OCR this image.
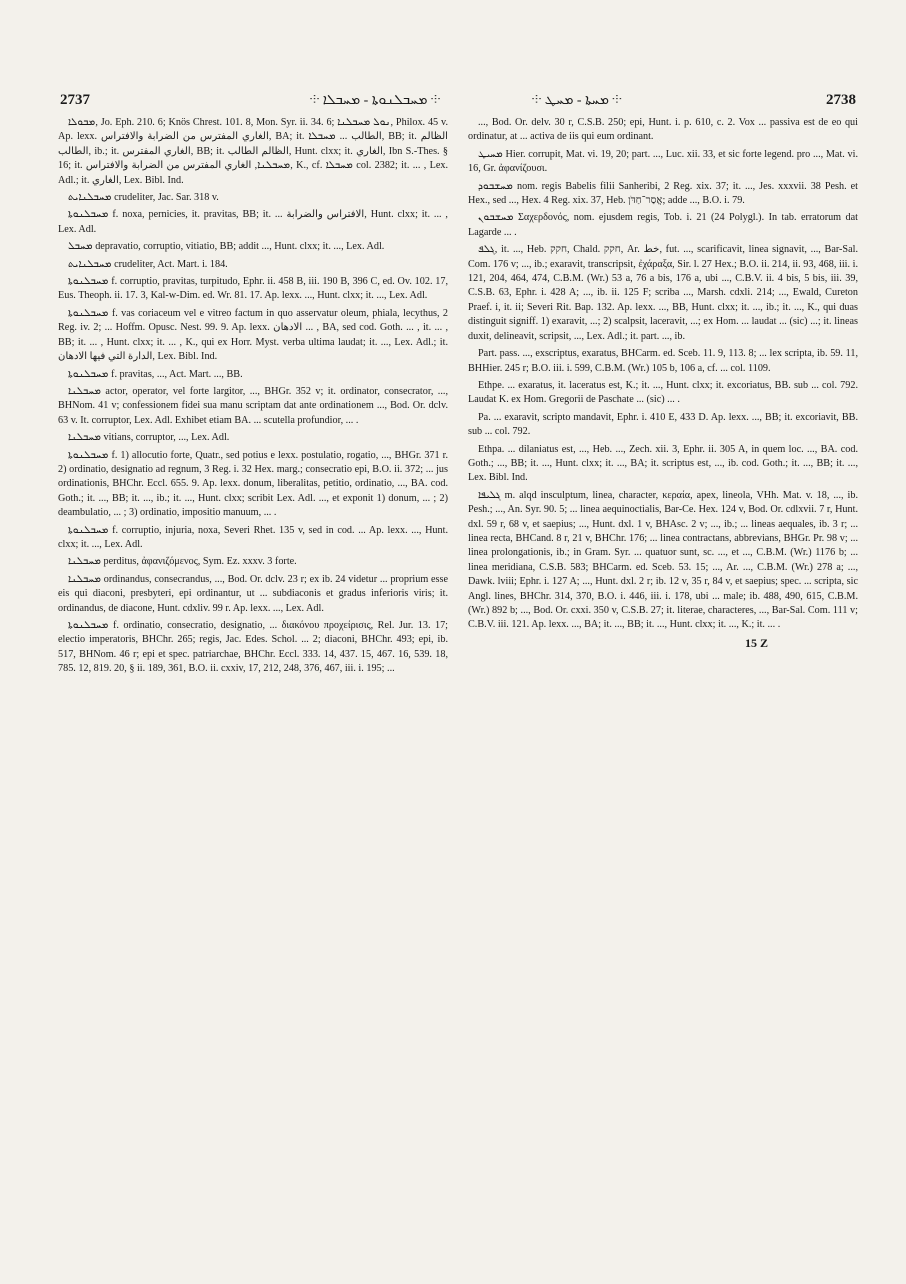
2737	⸭ ܡܚܒܠܢܘܬܐ - ܡܚܒܠܐ ⸭	⸭ ܡܚܬܐ - ܡܚܛ ⸭	2738

ܡܒܘܠܐ, Jo. Eph. 210. 6; Knös Chrest. 101. 8, Mon. Syr. ii. 34. 6; ܢܘܠ ܡܚܒܠܢܐ, Philox. 45 v. Ap. lexx. الغاري المفترس من الضرابة والافتراس, BA; it. الطالب ... ܡܚܒܠܐ, BB; it. الظالم الطالب, ib.; it. الغاري المفترس, BB; it. الظالم الطالب, Hunt. clxx; it. الغاري, Ibn S.-Thes. § 16; it. ܡܚܒܠܢܐ, الغاري المفترس من الضرابة والافتراس, K., cf. ܡܚܒܠܐ col. 2382; it. ... , Lex. Adl.; it. الغاري, Lex. Bibl. Ind.

ܡܚܒܠܢܐܝܬ crudeliter, Jac. Sar. 318 v.

ܡܚܒܠܢܘܬܐ f. noxa, pernicies, it. pravitas, BB; it. ... الافتراس والضرابة, Hunt. clxx; it. ... , Lex. Adl.

ܡܚܒܠ depravatio, corruptio, vitiatio, BB; addit ..., Hunt. clxx; it. ..., Lex. Adl.

ܡܚܒܠܢܐܝܬ crudeliter, Act. Mart. i. 184.

ܡܚܒܠܢܘܬܐ f. corruptio, pravitas, turpitudo, Ephr. ii. 458 B, iii. 190 B, 396 C, ed. Ov. 102. 17, Eus. Theoph. ii. 17. 3, Kal-w-Dim. ed. Wr. 81. 17. Ap. lexx. ..., Hunt. clxx; it. ..., Lex. Adl.

ܡܚܒܠܢܘܬܐ f. vas coriaceum vel e vitreo factum in quo asservatur oleum, phiala, lecythus, 2 Reg. iv. 2; ... Hoffm. Opusc. Nest. 99. 9. Ap. lexx. الادهان ... , BA, sed cod. Goth. ... , it. ... , BB; it. ... , Hunt. clxx; it. ... , K., qui ex Horr. Myst. verba ultima laudat; it. ..., Lex. Adl.; it. الدارة التي فيها الادهان, Lex. Bibl. Ind.

ܡܚܒܠܢܘܬܐ f. pravitas, ..., Act. Mart. ..., BB.

ܡܚܒܠܢܐ actor, operator, vel forte largitor, ..., BHGr. 352 v; it. ordinator, consecrator, ..., BHNom. 41 v; confessionem fidei sua manu scriptam dat ante ordinationem ..., Bod. Or. dclv. 63 v. It. corruptor, Lex. Adl. Exhibet etiam BA. ... scutella profundior, ... .

ܡܚܒܠܢܐ vitians, corruptor, ..., Lex. Adl.

ܡܚܒܠܢܘܬܐ f. 1) allocutio forte, Quatr., sed potius e lexx. postulatio, rogatio, ..., BHGr. 371 r. 2) ordinatio, designatio ad regnum, 3 Reg. i. 32 Hex. marg.; consecratio epi, B.O. ii. 372; ... jus ordinationis, BHChr. Eccl. 655. 9. Ap. lexx. donum, liberalitas, petitio, ordinatio, ..., BA. cod. Goth.; it. ..., BB; it. ..., ib.; it. ..., Hunt. clxx; scribit Lex. Adl. ..., et exponit 1) donum, ... ; 2) deambulatio, ... ; 3) ordinatio, impositio manuum, ... .

ܡܚܒܠܢܘܬܐ f. corruptio, injuria, noxa, Severi Rhet. 135 v, sed in cod. ... Ap. lexx. ..., Hunt. clxx; it. ..., Lex. Adl.

ܡܚܒܠܢܐ perditus, ἀφανιζόμενος, Sym. Ez. xxxv. 3 forte.

ܡܚܒܠܢܐ ordinandus, consecrandus, ..., Bod. Or. dclv. 23 r; ex ib. 24 videtur ... proprium esse eis qui diaconi, presbyteri, epi ordinantur, ut ... subdiaconis et gradus inferioris viris; it. ordinandus, de diacone, Hunt. cdxliv. 99 r. Ap. lexx. ..., Lex. Adl.

ܡܚܒܠܢܘܬܐ f. ordinatio, consecratio, designatio, ... διακόνου προχείρισις, Rel. Jur. 13. 17; electio imperatoris, BHChr. 265; regis, Jac. Edes. Schol. ... 2; diaconi, BHChr. 493; epi, ib. 517, BHNom. 46 r; epi et spec. patriarchae, BHChr. Eccl. 333. 14, 437. 15, 467. 16, 539. 18, 785. 12, 819. 20, § ii. 189, 361, B.O. ii. cxxiv, 17, 212, 248, 376, 467, iii. i. 195; ...

..., Bod. Or. delv. 30 r, C.S.B. 250; epi, Hunt. i. p. 610, c. 2. Vox ... passiva est de eo qui ordinatur, at ... activa de iis qui eum ordinant.

ܡܚܝܛ Hier. corrupit, Mat. vi. 19, 20; part. ..., Luc. xii. 33, et sic forte legend. pro ..., Mat. vi. 16, Gr. ἀφανίζουσι.

ܡܚܫܒܘܕ nom. regis Babelis filii Sanheribi, 2 Reg. xix. 37; it. ..., Jes. xxxvii. 38 Pesh. et Hex., sed ..., Hex. 4 Reg. xix. 37, Heb. אֲסַר־חַדֹּן; adde ..., B.O. i. 79.

ܡܚܫܒܘܢ Σαχερδονός, nom. ejusdem regis, Tob. i. 21 (24 Polygl.). In tab. erratorum dat Lagarde ... .

ܓܠܦ, it. ..., Heb. חקק, Chald. חקק, Ar. خط, fut. ..., scarificavit, linea signavit, ..., Bar-Sal. Com. 176 v; ..., ib.; exaravit, transcripsit, ἐχάραξα, Sir. l. 27 Hex.; B.O. ii. 214, ii. 93, 468, iii. i. 121, 204, 464, 474, C.B.M. (Wr.) 53 a, 76 a bis, 176 a, ubi ..., C.B.V. ii. 4 bis, 5 bis, iii. 39, C.S.B. 63, Ephr. i. 428 A; ..., ib. ii. 125 F; scriba ..., Marsh. cdxli. 214; ..., Ewald, Cureton Praef. i, it. ii; Severi Rit. Bap. 132. Ap. lexx. ..., BB, Hunt. clxx; it. ..., ib.; it. ..., K., qui duas distinguit signiff. 1) exaravit, ...; 2) scalpsit, laceravit, ...; ex Hom. ... laudat ... (sic) ...; it. lineas duxit, delineavit, scripsit, ..., Lex. Adl.; it. part. ..., ib.

Part. pass. ..., exscriptus, exaratus, BHCarm. ed. Sceb. 11. 9, 113. 8; ... lex scripta, ib. 59. 11, BHHier. 245 r; B.O. iii. i. 599, C.B.M. (Wr.) 105 b, 106 a, cf. ... col. 1109.

Ethpe. ... exaratus, it. laceratus est, K.; it. ..., Hunt. clxx; it. excoriatus, BB. sub ... col. 792. Laudat K. ex Hom. Gregorii de Paschate ... (sic) ... .

Pa. ... exaravit, scripto mandavit, Ephr. i. 410 E, 433 D. Ap. lexx. ..., BB; it. excoriavit, BB. sub ... col. 792.

Ethpa. ... dilaniatus est, ..., Heb. ..., Zech. xii. 3, Ephr. ii. 305 A, in quem loc. ..., BA. cod. Goth.; ..., BB; it. ..., Hunt. clxx; it. ..., BA; it. scriptus est, ..., ib. cod. Goth.; it. ..., BB; it. ..., Lex. Bibl. Ind.

ܓܠܝܦܐ m. alqd insculptum, linea, character, κεραία, apex, lineola, VHh. Mat. v. 18, ..., ib. Pesh.; ..., An. Syr. 90. 5; ... linea aequinoctialis, Bar-Ce. Hex. 124 v, Bod. Or. cdlxvii. 7 r, Hunt. dxl. 59 r, 68 v, et saepius; ..., Hunt. dxl. 1 v, BHAsc. 2 v; ..., ib.; ... lineas aequales, ib. 3 r; ... linea recta, BHCand. 8 r, 21 v, BHChr. 176; ... linea contractans, abbrevians, BHGr. Pr. 98 v; ... linea prolongationis, ib.; in Gram. Syr. ... quatuor sunt, sc. ..., et ..., C.B.M. (Wr.) 1176 b; ... linea meridiana, C.S.B. 583; BHCarm. ed. Sceb. 53. 15; ..., Ar. ..., C.B.M. (Wr.) 278 a; ..., Dawk. lviii; Ephr. i. 127 A; ..., Hunt. dxl. 2 r; ib. 12 v, 35 r, 84 v, et saepius; spec. ... scripta, sic Angl. lines, BHChr. 314, 370, B.O. i. 446, iii. i. 178, ubi ... male; ib. 488, 490, 615, C.B.M. (Wr.) 892 b; ..., Bod. Or. cxxi. 350 v, C.S.B. 27; it. literae, characteres, ..., Bar-Sal. Com. 111 v; C.B.V. iii. 121. Ap. lexx. ..., BA; it. ..., BB; it. ..., Hunt. clxx; it. ..., K.; it. ... .

15 Z
